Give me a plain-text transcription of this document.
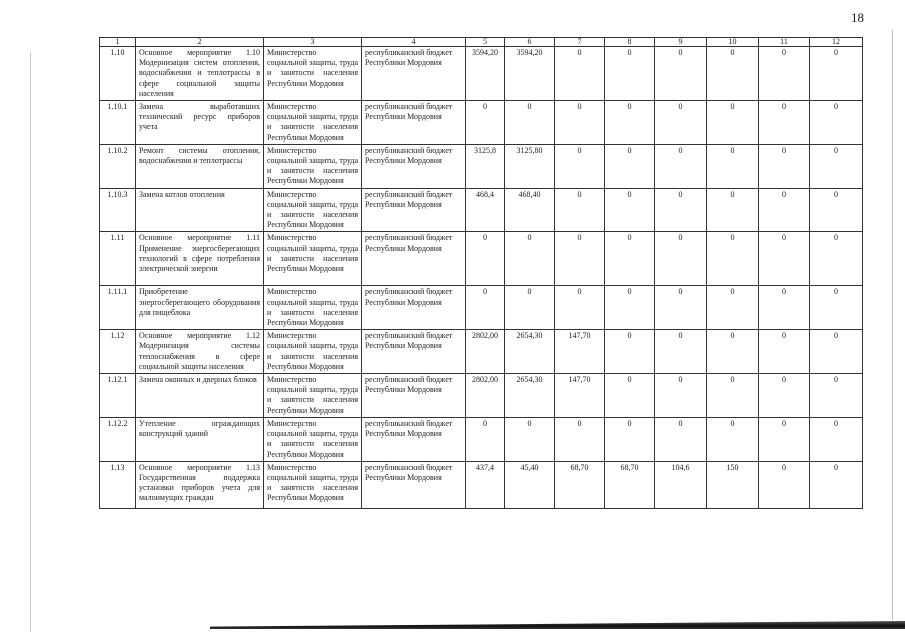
18
1	2	3	4	5	6	7	8	9	10	11	12
1.10	Основное мероприятие 1.10 Модернизация систем отопления, водоснабжения и теплотрассы в сфере социальной защиты населения	Министерство социальной защиты, труда и занятости населения Республики Мордовия	республиканский бюджет Республики Мордовия	3594,20	3594,20	0	0	0	0	0	0
1.10.1	Замена выработавших технический ресурс приборов учета	Министерство социальной защиты, труда и занятости населения Республики Мордовия	республиканский бюджет Республики Мордовия	0	0	0	0	0	0	0	0
1.10.2	Ремонт системы отопления, водоснабжения и теплотрассы	Министерство социальной защиты, труда и занятости населения Республики Мордовия	республиканский бюджет Республики Мордовия	3125,8	3125,80	0	0	0	0	0	0
1.10.3	Замена котлов отопления	Министерство социальной защиты, труда и занятости населения Республики Мордовия	республиканский бюджет Республики Мордовия	468,4	468,40	0	0	0	0	0	0
1.11	Основное мероприятие 1.11 Применение энергосберегающих технологий в сфере потребления электрической энергии	Министерство социальной защиты, труда и занятости населения Республики Мордовия	республиканский бюджет Республики Мордовия	0	0	0	0	0	0	0	0
1.11.1	Приобретение энергосберегающего оборудования для пищеблока	Министерство социальной защиты, труда и занятости населения Республики Мордовия	республиканский бюджет Республики Мордовия	0	0	0	0	0	0	0	0
1.12	Основное мероприятие 1.12 Модернизация системы теплоснабжения в сфере социальной защиты населения	Министерство социальной защиты, труда и занятости населения Республики Мордовия	республиканский бюджет Республики Мордовия	2802,00	2654,30	147,70	0	0	0	0	0
1.12.1	Замена оконных и дверных блоков	Министерство социальной защиты, труда и занятости населения Республики Мордовия	республиканский бюджет Республики Мордовия	2802,00	2654,30	147,70	0	0	0	0	0
1.12.2	Утепление ограждающих конструкций зданий	Министерство социальной защиты, труда и занятости населения Республики Мордовия	республиканский бюджет Республики Мордовия	0	0	0	0	0	0	0	0
1.13	Основное мероприятие 1.13 Государственная поддержка установки приборов учета для малоимущих граждан	Министерство социальной защиты, труда и занятости населения Республики Мордовия	республиканский бюджет Республики Мордовия	437,4	45,40	68,70	68,70	104,6	150	0	0
